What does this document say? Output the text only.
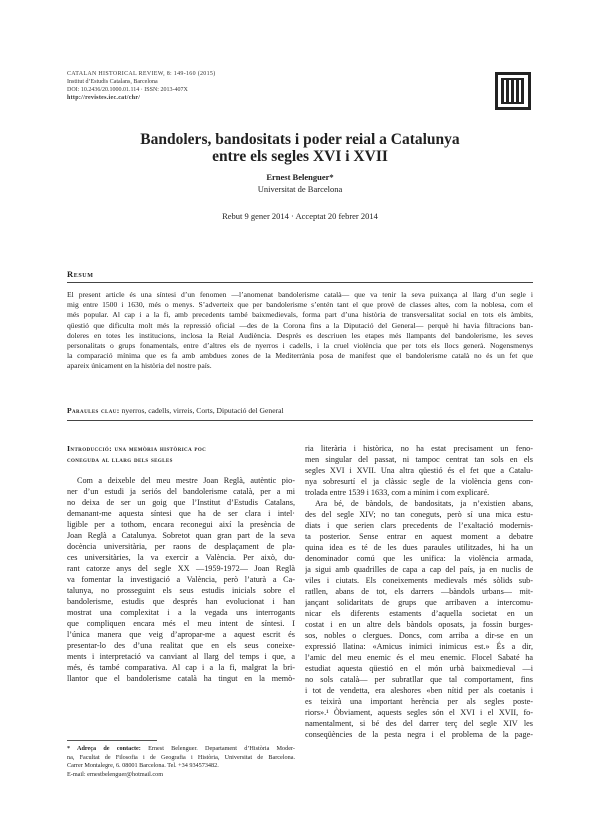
CATALAN HISTORICAL REVIEW, 8: 149-160 (2015)
Institut d’Estudis Catalans, Barcelona
DOI: 10.2436/20.1000.01.114 · ISSN: 2013-407X
http://revistes.iec.cat/chr/
Bandolers, bandositats i poder reial a Catalunya
entre els segles XVI i XVII
Ernest Belenguer*
Universitat de Barcelona
Rebut 9 gener 2014 · Acceptat 20 febrer 2014
Resum
El present article és una síntesi d’un fenomen —l’anomenat bandolerisme català— que va tenir la seva puixança al llarg d’un segle i
mig entre 1500 i 1630, més o menys. S’adverteix que per bandolerisme s’entén tant el que provè de classes altes, com la noblesa, com el
més popular. Al cap i a la fi, amb precedents també baixmedievals, forma part d’una història de transversalitat social en tots els àmbits,
qüestió que dificulta molt més la repressió oficial —des de la Corona fins a la Diputació del General— perquè hi havia filtracions ban-
doleres en totes les institucions, inclosa la Reial Audiència. Després es descriuen les etapes més llampants del bandolerisme, les seves
personalitats o grups fonamentals, entre d’altres els de nyerros i cadells, i la cruel violència que per tots els llocs generà. Nogensmenys
la comparació mínima que es fa amb ambdues zones de la Mediterrània posa de manifest que el bandolerisme català no és un fet que
apareix únicament en la història del nostre país.
Paraules clau: nyerros, cadells, virreis, Corts, Diputació del General
Introducció: una memòria històrica poc
coneguda al llarg dels segles
Com a deixeble del meu mestre Joan Reglà, autèntic pio-
ner d’un estudi ja seriós del bandolerisme català, per a mi
no deixa de ser un goig que l’Institut d’Estudis Catalans,
demanant-me aquesta síntesi que ha de ser clara i intel·
ligible per a tothom, encara reconegui així la presència de
Joan Reglà a Catalunya. Sobretot quan gran part de la seva
docència universitària, per raons de desplaçament de pla-
ces universitàries, la va exercir a València. Per això, du-
rant catorze anys del segle XX —1959-1972— Joan Reglà
va fomentar la investigació a València, però l’aturà a Ca-
talunya, no prosseguint els seus estudis inicials sobre el
bandolerisme, estudis que després han evolucionat i han
mostrat una complexitat i a la vegada uns interrogants
que compliquen encara més el meu intent de síntesi. I
l’única manera que veig d’apropar-me a aquest escrit és
presentar-lo des d’una realitat que en els seus coneixe-
ments i interpretació va canviant al llarg del temps i que, a
més, és també comparativa. Al cap i a la fi, malgrat la bri-
llantor que el bandolerisme català ha tingut en la memò-
ria literària i històrica, no ha estat precisament un feno-
men singular del passat, ni tampoc centrat tan sols en els
segles XVI i XVII. Una altra qüestió és el fet que a Catalu-
nya sobresurtí el ja clàssic segle de la violència gens con-
trolada entre 1539 i 1633, com a mínim i com explicaré.
Ara bé, de bàndols, de bandositats, ja n’existien abans,
des del segle XIV; no tan coneguts, però sí una mica estu-
diats i que serien clars precedents de l’exaltació modernis-
ta posterior. Sense entrar en aquest moment a debatre
quina idea es té de les dues paraules utilitzades, hi ha un
denominador comú que les unifica: la violència armada,
ja sigui amb quadrilles de capa a cap del país, ja en nuclis de
viles i ciutats. Els coneixements medievals més sòlids sub-
ratllen, abans de tot, els darrers —bàndols urbans— mit-
jançant solidaritats de grups que arribaven a intercomu-
nicar els diferents estaments d’aquella societat en un
costat i en un altre dels bàndols oposats, ja fossin burges-
sos, nobles o clergues. Doncs, com arriba a dir-se en un
expressió llatina: «Amicus inimici inimicus est.» És a dir,
l’amic del meu enemic és el meu enemic. Flocel Sabaté ha
estudiat aquesta qüestió en el món urbà baixmedieval —i
no sols català— per subratllar que tal comportament, fins
i tot de vendetta, era aleshores «ben nítid per als coetanis i
es teixirà una important herència per als segles poste-
riors».¹ Òbviament, aquests segles són el XVI i el XVII, fo-
namentalment, si bé des del darrer terç del segle XIV les
conseqüències de la pesta negra i el problema de la page-
* Adreça de contacte: Ernest Belenguer. Departament d’Història Moder-
na, Facultat de Filosofia i de Geografia i Història, Universitat de Barcelona.
Carrer Montalegre, 6. 08001 Barcelona. Tel. +34 934573482.
E-mail: ernestbelenguer@hotmail.com
